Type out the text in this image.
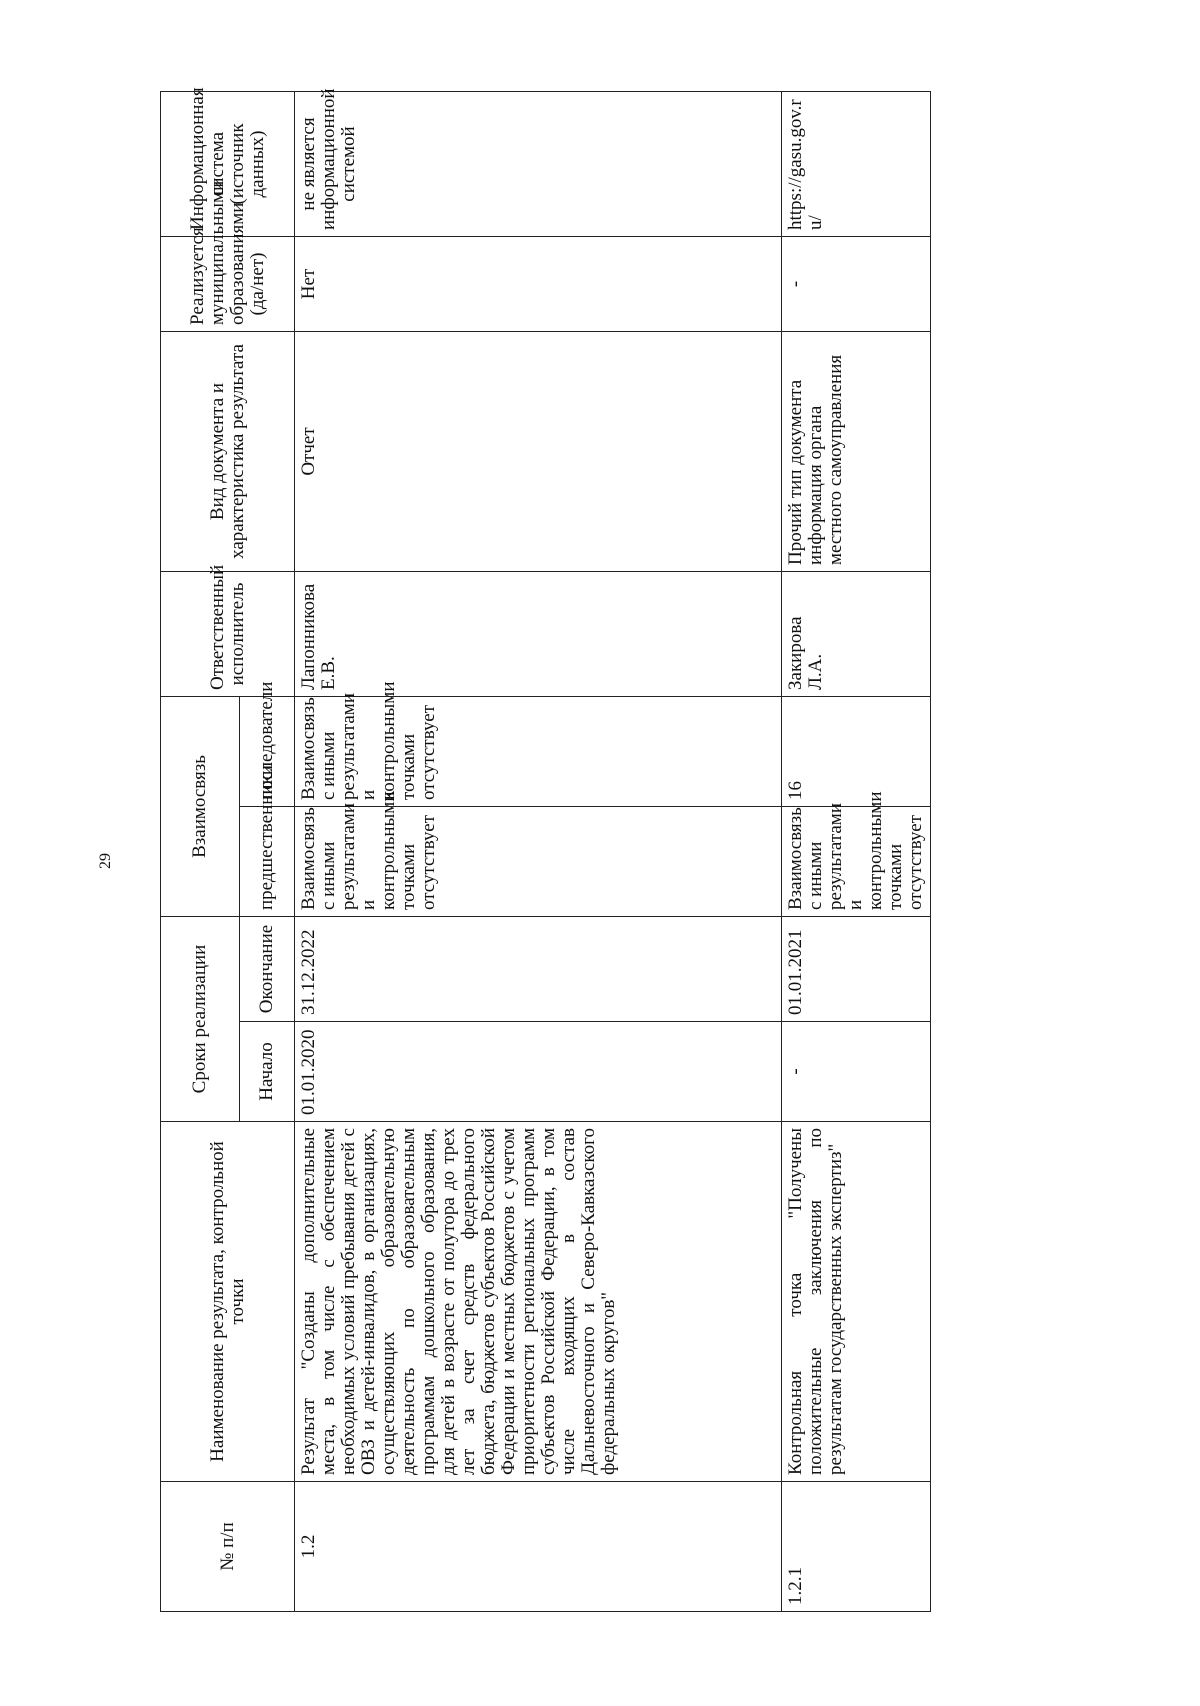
29
№ п/п	Наименование результата, контрольной точки	Сроки реализации		Взаимосвязь		Ответственный исполнитель	Вид документа и характеристика результата	Реализуется муниципальными образованиями (да/нет)	Информационная система (источник данных)
		Начало	Окончание	предшественники	последователи				
1.2	Результат "Созданы дополнительные места, в том числе с обеспечением необходимых условий пребывания детей с ОВЗ и детей-инвалидов, в организациях, осуществляющих образовательную деятельность по образовательным программам дошкольного образования, для детей в возрасте от полутора до трех лет за счет средств федерального бюджета, бюджетов субъектов Российской Федерации и местных бюджетов с учетом приоритетности региональных программ субъектов Российской Федерации, в том числе входящих в состав Дальневосточного и Северо-Кавказского федеральных округов"	01.01.2020	31.12.2022	Взаимосвязь с иными результатами и контрольными точками отсутствует	Взаимосвязь с иными результатами и контрольными точками отсутствует	Лапонникова Е.В.	Отчет	Нет	не является информационной системой
1.2.1	Контрольная точка "Получены положительные заключения по результатам государственных экспертиз"	-	01.01.2021	Взаимосвязь с иными результатами и контрольными точками отсутствует	16	Закирова Л.А.	Прочий тип документа информация органа местного самоуправления	-	https://gasu.gov.ru/
